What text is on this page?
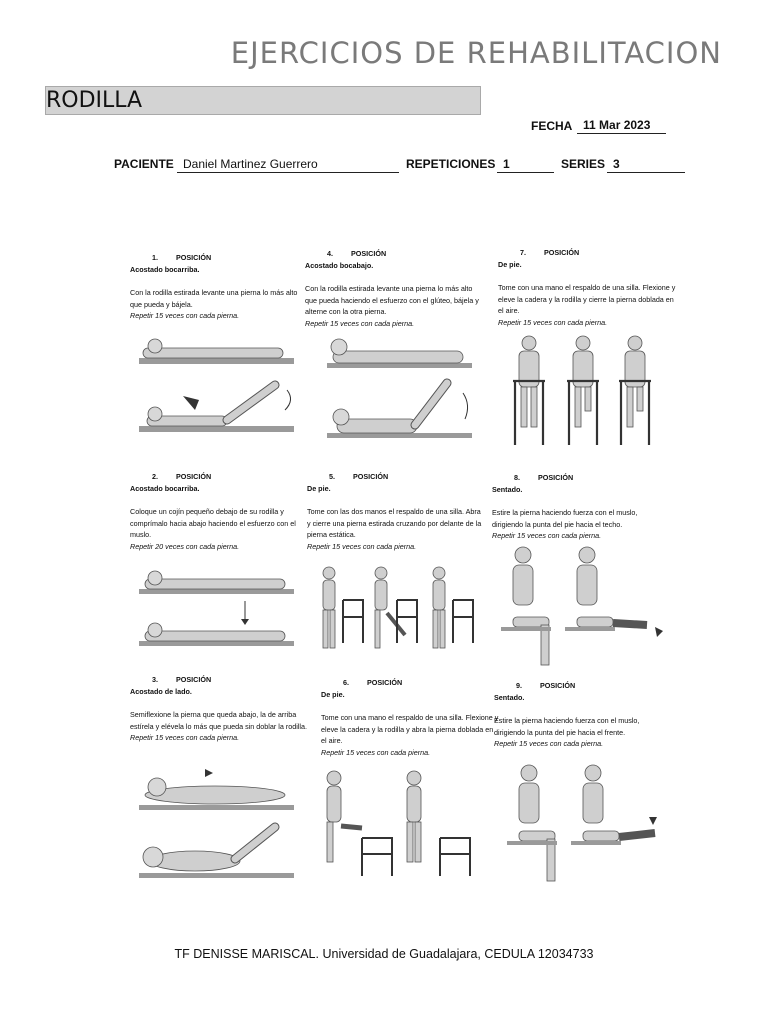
EJERCICIOS DE REHABILITACION
RODILLA
FECHA 11 Mar 2023
PACIENTE Daniel Martinez Guerrero	REPETICIONES 1	SERIES 3
1.	POSICIÓN

Acostado bocarriba.

Con la rodilla estirada levante una pierna lo más alto que pueda y bájela.

Repetir 15 veces con cada pierna.

2.	POSICIÓN

Acostado bocarriba.

Coloque un cojín pequeño debajo de su rodilla y comprímalo hacia abajo haciendo el esfuerzo con el muslo.

Repetir 20 veces con cada pierna.

3.	POSICIÓN

Acostado de lado.

Semiflexione la pierna que queda abajo, la de arriba estírela y elévela lo más que pueda sin doblar la rodilla.

Repetir 15 veces con cada pierna.

4.	POSICIÓN

Acostado bocabajo.

Con la rodilla estirada levante una pierna lo más alto que pueda haciendo el esfuerzo con el glúteo, bájela y alterne con la otra pierna.

Repetir 15 veces con cada pierna.

5.	POSICIÓN

De pie.

Tome con las dos manos el respaldo de una silla. Abra y cierre una pierna estirada cruzando por delante de la pierna estática.

Repetir 15 veces con cada pierna.

6.	POSICIÓN

De pie.

Tome con una mano el respaldo de una silla. Flexione y eleve la cadera y la rodilla y abra la pierna doblada en el aire.

Repetir 15 veces con cada pierna.

7.	POSICIÓN

De pie.

Tome con una mano el respaldo de una silla. Flexione y eleve la cadera y la rodilla y cierre la pierna doblada en el aire.

Repetir 15 veces con cada pierna.

8.	POSICIÓN

Sentado.

Estire la pierna haciendo fuerza con el muslo, dirigiendo la punta del pie hacia el techo.

Repetir 15 veces con cada pierna.

9.	POSICIÓN

Sentado.

Estire la pierna haciendo fuerza con el muslo, dirigiendo la punta del pie hacia el frente.

Repetir 15 veces con cada pierna.

TF DENISSE MARISCAL. Universidad de Guadalajara, CEDULA 12034733
